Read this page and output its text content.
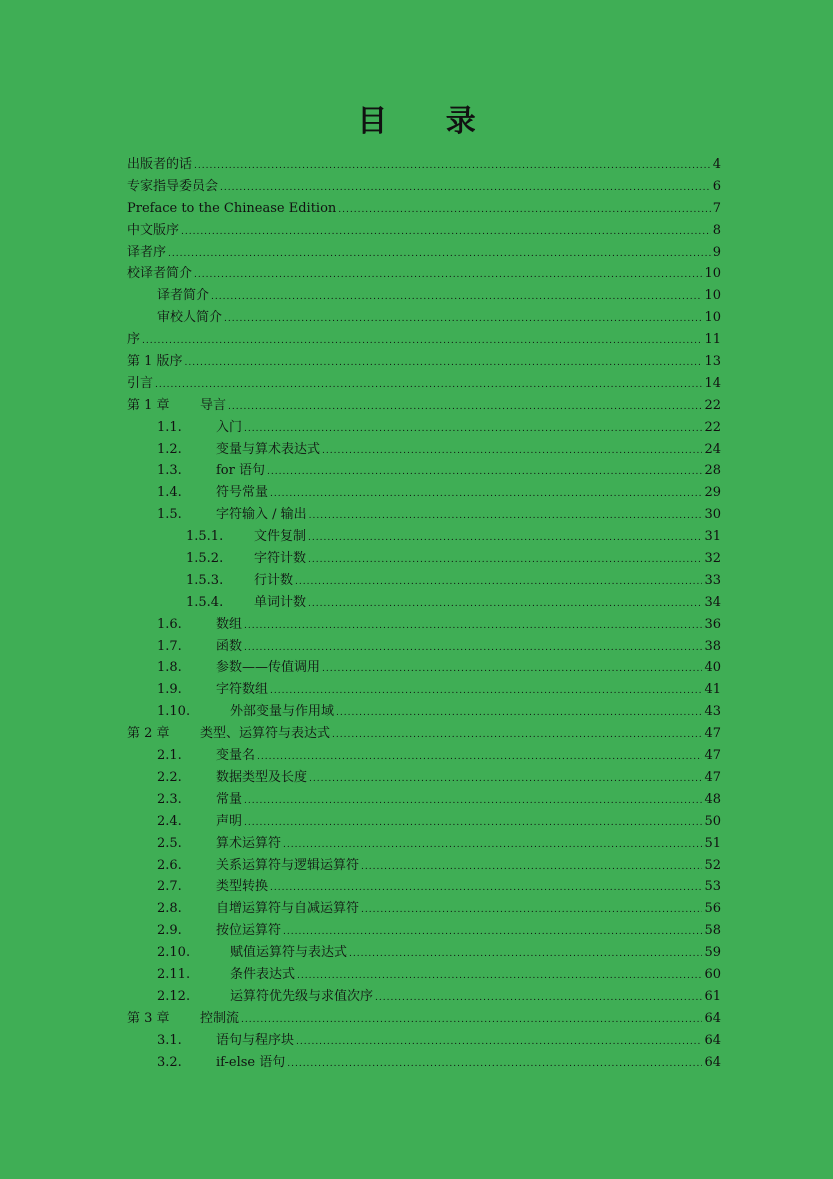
目 录
出版者的话 .....	4
专家指导委员会 .....	6
Preface to the Chinease Edition .....	7
中文版序 .....	8
译者序 .....	9
校译者简介 .....	10
译者简介 .....	10
审校人简介 .....	10
序 .....	11
第 1 版序 .....	13
引言 .....	14
第 1 章	导言 .....	22
1.1.	入门 .....	22
1.2.	变量与算术表达式 .....	24
1.3.	for 语句 .....	28
1.4.	符号常量 .....	29
1.5.	字符输入 / 输出 .....	30
1.5.1.	文件复制 .....	31
1.5.2.	字符计数 .....	32
1.5.3.	行计数 .....	33
1.5.4.	单词计数 .....	34
1.6.	数组 .....	36
1.7.	函数 .....	38
1.8.	参数——传值调用 .....	40
1.9.	字符数组 .....	41
1.10.	外部变量与作用域 .....	43
第 2 章	类型、运算符与表达式 .....	47
2.1.	变量名 .....	47
2.2.	数据类型及长度 .....	47
2.3.	常量 .....	48
2.4.	声明 .....	50
2.5.	算术运算符 .....	51
2.6.	关系运算符与逻辑运算符 .....	52
2.7.	类型转换 .....	53
2.8.	自增运算符与自减运算符 .....	56
2.9.	按位运算符 .....	58
2.10.	赋值运算符与表达式 .....	59
2.11.	条件表达式 .....	60
2.12.	运算符优先级与求值次序 .....	61
第 3 章	控制流 .....	64
3.1.	语句与程序块 .....	64
3.2.	if-else 语句 .....	64
